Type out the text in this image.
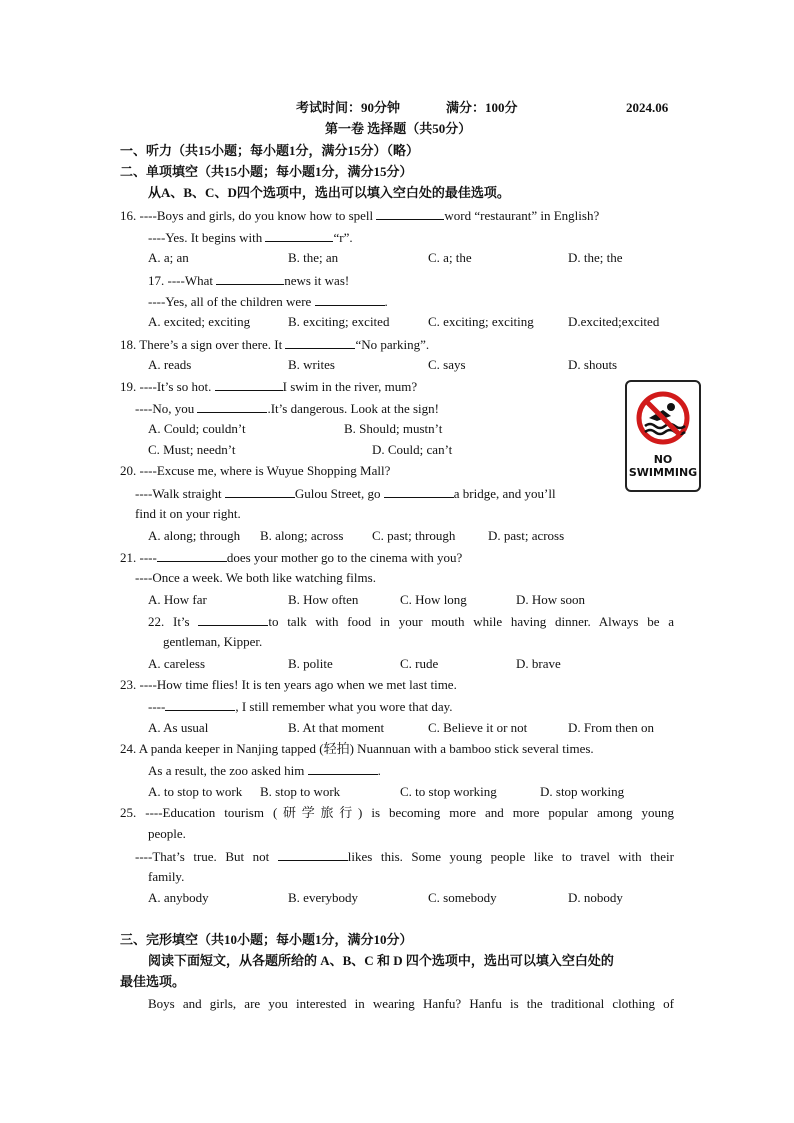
考试时间：90分钟	满分：100分	2024.06
第一卷 选择题（共50分）
一、听力（共15小题；每小题1分，满分15分）（略）
二、单项填空（共15小题；每小题1分，满分15分）
从A、B、C、D四个选项中，选出可以填入空白处的最佳选项。
16. ----Boys and girls, do you know how to spell	word “restaurant” in English?
----Yes. It begins with	“r”.
A. a; an	B. the; an	C. a; the	D. the; the
17. ----What	news it was!
----Yes, all of the children were	.
A. excited; exciting	B. exciting; excited	C. exciting; exciting	D.excited;excited
18. There’s a sign over there. It	“No parking”.
A. reads	B. writes	C. says	D. shouts
19. ----It’s so hot.	I swim in the river, mum?
----No, you	.It’s dangerous. Look at the sign!
A. Could; couldn’t	B. Should; mustn’t
C. Must; needn’t	D. Could; can’t
NO
SWIMMING
20. ----Excuse me, where is Wuyue Shopping Mall?
----Walk straight	Gulou Street, go	a bridge, and you’ll
find it on your right.
A. along; through B. along; across C. past; through	D. past; across
21. ----	does your mother go to the cinema with you?
----Once a week. We both like watching films.
A. How far	B. How often	C. How long	D. How soon
22. It’s	to talk with food in your mouth while having dinner. Always be a
gentleman, Kipper.
A. careless	B. polite	C. rude	D. brave
23. ----How time flies! It is ten years ago when we met last time.
----	, I still remember what you wore that day.
A. As usual	B. At that moment	C. Believe it or not	D. From then on
24. A panda keeper in Nanjing tapped (轻拍) Nuannuan with a bamboo stick several times.
As a result, the zoo asked him	.
A. to stop to work B. stop to work	C. to stop working	D. stop working
25. ----Education tourism (研学旅行) is becoming more and more popular among young
people.
----That’s true. But not	likes this. Some young people like to travel with their
family.
A. anybody	B. everybody	C. somebody	D. nobody
三、完形填空（共10小题；每小题1分，满分10分）
阅读下面短文，从各题所给的 A、B、C 和 D 四个选项中，选出可以填入空白处的
最佳选项。
Boys and girls, are you interested in wearing Hanfu? Hanfu is the traditional clothing of
